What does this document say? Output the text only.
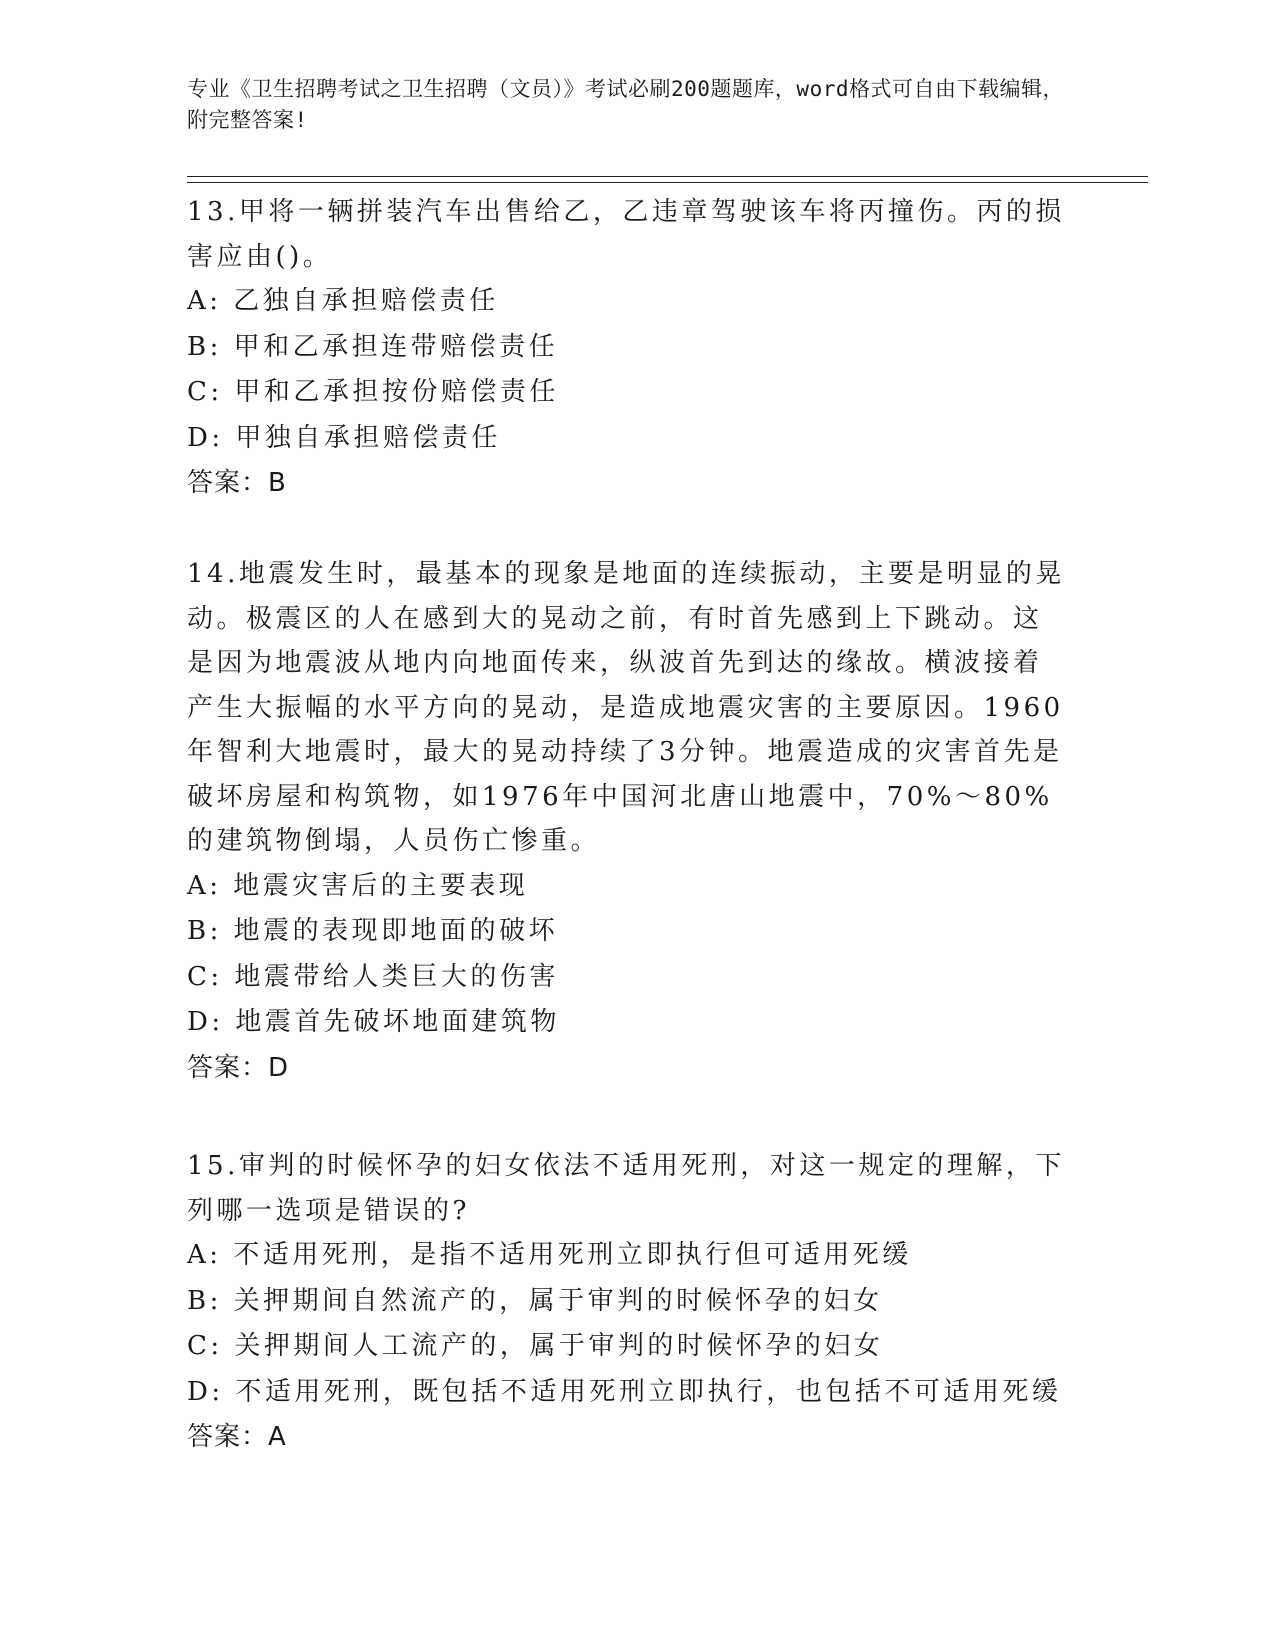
专业《卫生招聘考试之卫生招聘（文员）》考试必刷200题题库，word格式可自由下载编辑，附完整答案!

13.甲将一辆拼装汽车出售给乙，乙违章驾驶该车将丙撞伤。丙的损害应由()。

A: 乙独自承担赔偿责任

B: 甲和乙承担连带赔偿责任

C: 甲和乙承担按份赔偿责任

D: 甲独自承担赔偿责任

答案：B

14.地震发生时，最基本的现象是地面的连续振动，主要是明显的晃动。极震区的人在感到大的晃动之前，有时首先感到上下跳动。这是因为地震波从地内向地面传来，纵波首先到达的缘故。横波接着产生大振幅的水平方向的晃动，是造成地震灾害的主要原因。1960年智利大地震时，最大的晃动持续了3分钟。地震造成的灾害首先是破坏房屋和构筑物，如1976年中国河北唐山地震中，70%～80%的建筑物倒塌，人员伤亡惨重。

A: 地震灾害后的主要表现

B: 地震的表现即地面的破坏

C: 地震带给人类巨大的伤害

D: 地震首先破坏地面建筑物

答案：D

15.审判的时候怀孕的妇女依法不适用死刑，对这一规定的理解，下列哪一选项是错误的?

A: 不适用死刑，是指不适用死刑立即执行但可适用死缓

B: 关押期间自然流产的，属于审判的时候怀孕的妇女

C: 关押期间人工流产的，属于审判的时候怀孕的妇女

D: 不适用死刑，既包括不适用死刑立即执行，也包括不可适用死缓

答案：A
